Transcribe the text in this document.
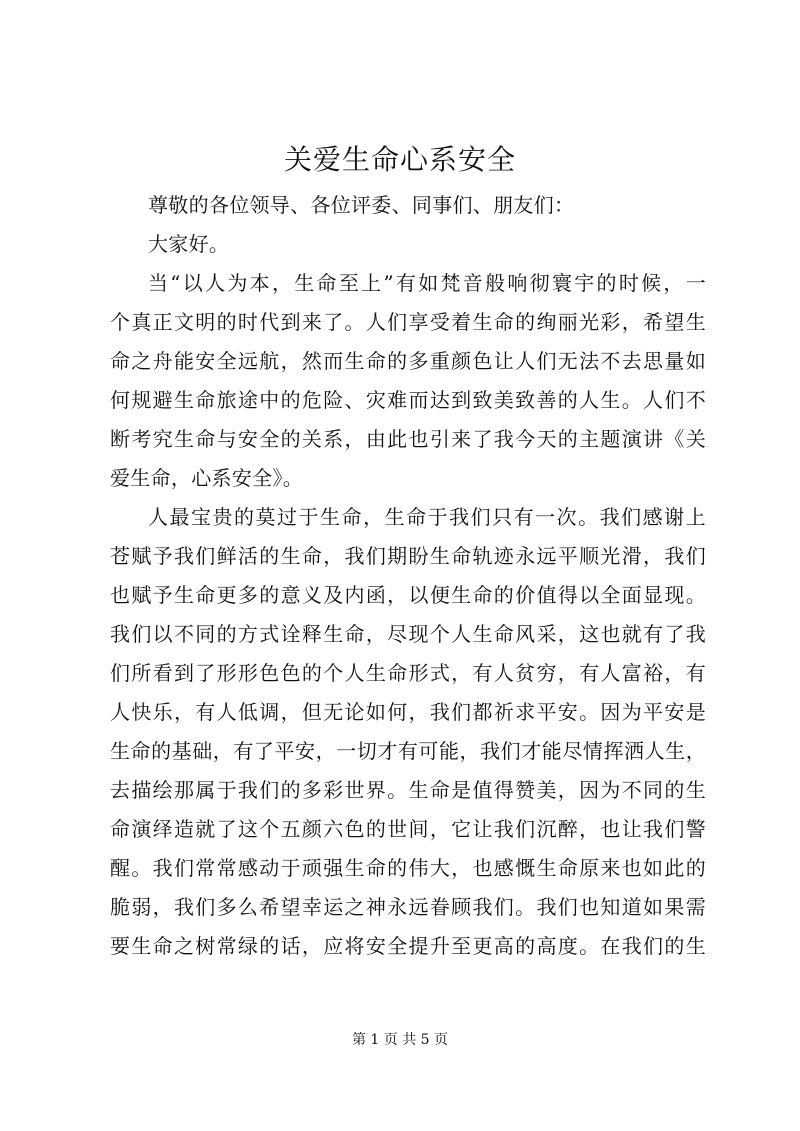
关爱生命心系安全
尊敬的各位领导、各位评委、同事们、朋友们：
大家好。
当“以人为本，生命至上”有如梵音般响彻寰宇的时候，一
个真正文明的时代到来了。人们享受着生命的绚丽光彩，希望生
命之舟能安全远航，然而生命的多重颜色让人们无法不去思量如
何规避生命旅途中的危险、灾难而达到致美致善的人生。人们不
断考究生命与安全的关系，由此也引来了我今天的主题演讲《关
爱生命，心系安全》。
人最宝贵的莫过于生命，生命于我们只有一次。我们感谢上
苍赋予我们鲜活的生命，我们期盼生命轨迹永远平顺光滑，我们
也赋予生命更多的意义及内函，以便生命的价值得以全面显现。
我们以不同的方式诠释生命，尽现个人生命风采，这也就有了我
们所看到了形形色色的个人生命形式，有人贫穷，有人富裕，有
人快乐，有人低调，但无论如何，我们都祈求平安。因为平安是
生命的基础，有了平安，一切才有可能，我们才能尽情挥洒人生，
去描绘那属于我们的多彩世界。生命是值得赞美，因为不同的生
命演绎造就了这个五颜六色的世间，它让我们沉醉，也让我们警
醒。我们常常感动于顽强生命的伟大，也感慨生命原来也如此的
脆弱，我们多么希望幸运之神永远眷顾我们。我们也知道如果需
要生命之树常绿的话，应将安全提升至更高的高度。在我们的生
第 1 页 共 5 页
